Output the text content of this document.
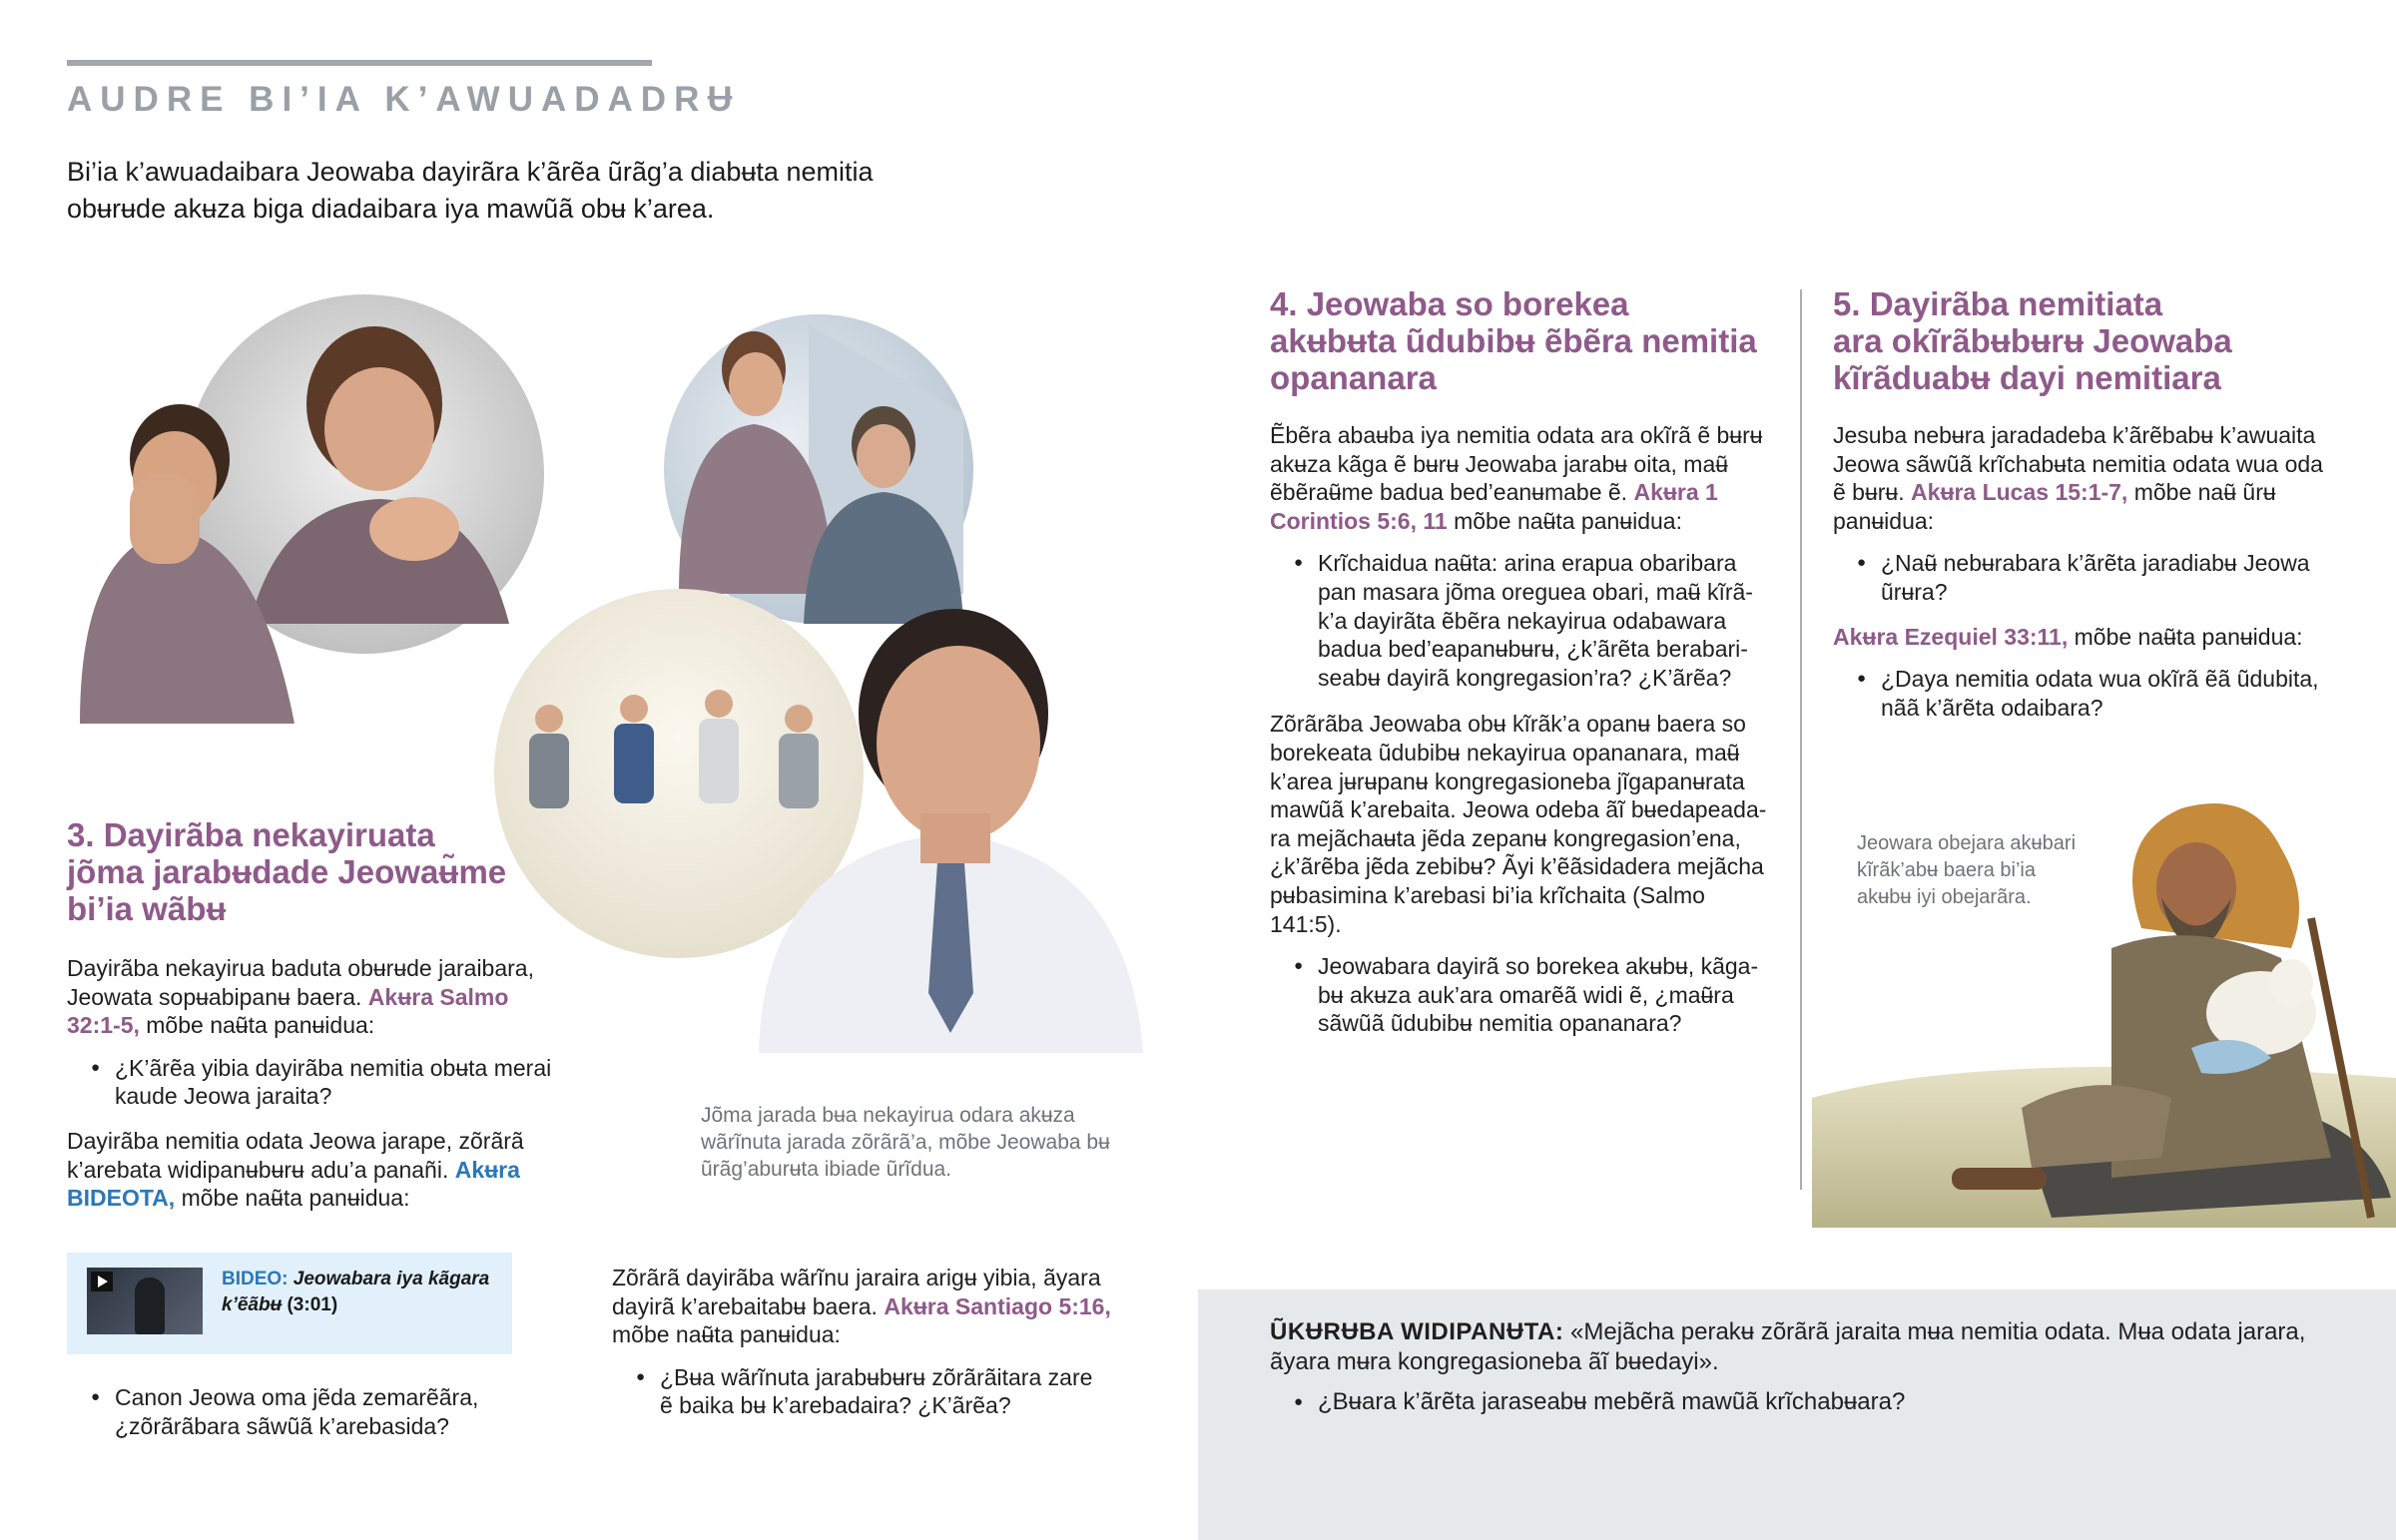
AUDRE BI’IA K’AWUADADRɄ
Bi’ia k’awuadaibara Jeowaba dayirãra k’ãrẽa ũrãg’a diabʉta nemitia obʉrʉde akʉza biga diadaibara iya mawũã obʉ k’area.
3. Dayirãba nekayiruata
jõma jarabʉdade Jeowaʉ̃me
bi’ia wãbʉ

Dayirãba nekayirua baduta obʉrʉde jaraibara, Jeowata sopʉabipanʉ baera. Akʉra Salmo 32:1-5, mõbe naʉ̃ta panʉidua:

● ¿K’ãrẽa yibia dayirãba nemitia obʉta merai kaude Jeowa jaraita?

Dayirãba nemitia odata Jeowa jarape, zõrãrã k’arebata widipanʉbʉrʉ adu’a panañi. Akʉra BIDEOTA, mõbe naʉ̃ta panʉidua:

BIDEO: Jeowabara iya kãgara k’ẽãbʉ (3:01)
● Canon Jeowa oma jẽda zemarẽãra, ¿zõrãrãbara sãwũã k’arebasida?
Jõma jarada bʉa nekayirua odara akʉza wãrĩnuta jarada zõrãrã’a, mõbe Jeowaba bʉ ũrãg’aburʉta ibiade ũrĩdua.

Zõrãrã dayirãba wãrĩnu jaraira arigʉ yibia, ãyara dayirã k’arebaitabʉ baera. Akʉra Santiago 5:16, mõbe naʉ̃ta panʉidua:

● ¿Bʉa wãrĩnuta jarabʉbʉrʉ zõrãrãitara zare ẽ baika bʉ k’arebadaira? ¿K’ãrẽa?
4. Jeowaba so borekea
akʉbʉta ũdubibʉ ẽbẽra nemitia
opananara

Ẽbẽra abaʉba iya nemitia odata ara okĩrã ẽ bʉrʉ akʉza kãga ẽ bʉrʉ Jeowaba jarabʉ oita, maʉ̃ ẽbẽraʉ̃me badua bed’eanʉmabe ẽ. Akʉra 1 Corintios 5:6, 11 mõbe naʉ̃ta panʉidua:

● Krĩchaidua naʉ̃ta: arina erapua obaribara pan masara jõma oreguea obari, maʉ̃ kĩrã-k’a dayirãta ẽbẽra nekayirua odabawara badua bed’eapanʉbʉrʉ, ¿k’ãrẽta berabari-seabʉ dayirã kongregasion’ra? ¿K’ãrẽa?

Zõrãrãba Jeowaba obʉ kĩrãk’a opanʉ baera so borekeata ũdubibʉ nekayirua opananara, maʉ̃ k’area jʉrʉpanʉ kongregasioneba jĩgapanʉrata mawũã k’arebaita. Jeowa odeba ãĩ bʉedapeada-ra mejãchaʉta jẽda zepanʉ kongregasion’ena, ¿k’ãrẽba jẽda zebibʉ? Ãyi k’ẽãsidadera mejãcha pʉbasimina k’arebasi bi’ia krĩchaita (Salmo 141:5).

● Jeowabara dayirã so borekea akʉbʉ, kãga-bʉ akʉza auk’ara omarẽã widi ẽ, ¿maʉ̃ra sãwũã ũdubibʉ nemitia opananara?
5. Dayirãba nemitiata
ara okĩrãbʉbʉrʉ Jeowaba
kĩrãduabʉ dayi nemitiara

Jesuba nebʉra jaradadeba k’ãrẽbabʉ k’awuaita Jeowa sãwũã krĩchabʉta nemitia odata wua oda ẽ bʉrʉ. Akʉra Lucas 15:1-7, mõbe naʉ̃ ũrʉ panʉidua:

● ¿Naʉ̃ nebʉrabara k’ãrẽta jaradiabʉ Jeowa ũrʉra?

Akʉra Ezequiel 33:11, mõbe naʉ̃ta panʉidua:

● ¿Daya nemitia odata wua okĩrã ẽã ũdubita, nãã k’ãrẽta odaibara?
Jeowara obejara akʉbari kĩrãk’abʉ baera bi’ia akʉbʉ iyi obejarãra.
ŨKɄRɄBA WIDIPANɄTA: «Mejãcha perakʉ zõrãrã jaraita mʉa nemitia odata. Mʉa odata jarara, ãyara mʉra kongregasioneba ãĩ bʉedayi».
● ¿Bʉara k’ãrẽta jaraseabʉ mebẽrã mawũã krĩchabʉara?
